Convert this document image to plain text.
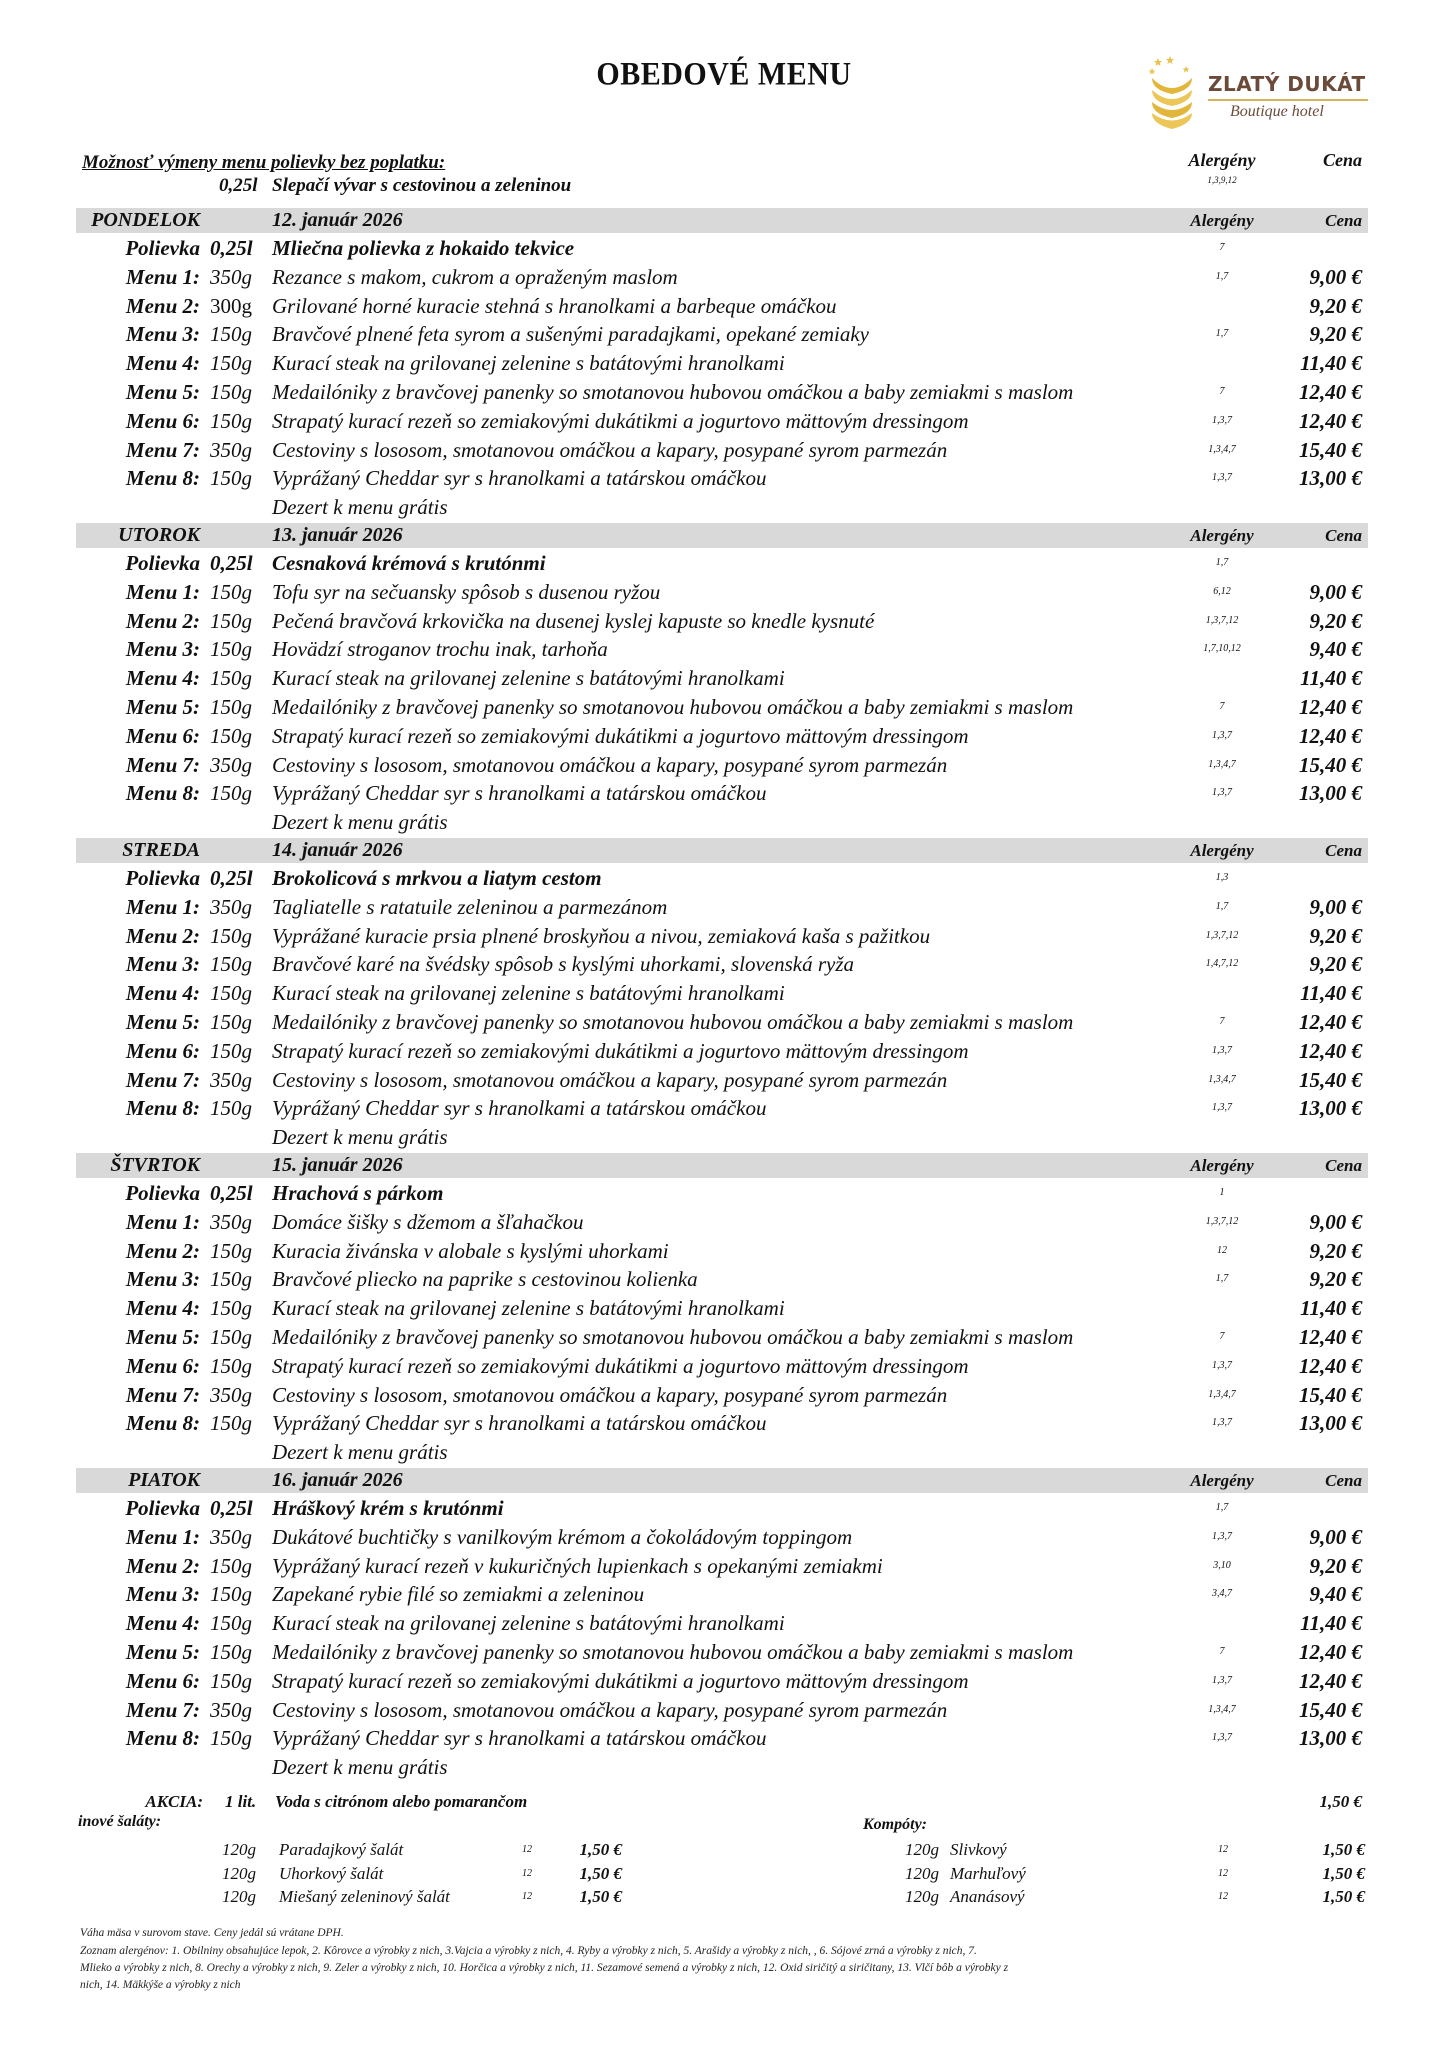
OBEDOVÉ MENU	ZLATÝ DUKÁT
Boutique hotel
Možnosť výmeny menu polievky bez poplatku:	Alergény	Cena
0,25l Slepačí vývar s cestovinou a zeleninou	1,3,9,12
PONDELOK	12. január 2026	Alergény	Cena
Polievka 0,25l Mliečna polievka z hokaido tekvice	7
Menu 1: 350g Rezance s makom, cukrom a opraženým maslom	1,7	9,00 €
Menu 2: 300g Grilované horné kuracie stehná s hranolkami a barbeque omáčkou	9,20 €
Menu 3: 150g Bravčové plnené feta syrom a sušenými paradajkami, opekané zemiaky	1,7	9,20 €
Menu 4: 150g Kurací steak na grilovanej zelenine s batátovými hranolkami	11,40 €
Menu 5: 150g Medailóniky z bravčovej panenky so smotanovou hubovou omáčkou a baby zemiakmi s maslom	7	12,40 €
Menu 6: 150g Strapatý kurací rezeň so zemiakovými dukátikmi a jogurtovo mättovým dressingom	1,3,7	12,40 €
Menu 7: 350g Cestoviny s lososom, smotanovou omáčkou a kapary, posypané syrom parmezán	1,3,4,7	15,40 €
Menu 8: 150g Vyprážaný Cheddar syr s hranolkami a tatárskou omáčkou	1,3,7	13,00 €
Dezert k menu grátis
UTOROK	13. január 2026	Alergény	Cena
Polievka 0,25l Cesnaková krémová s krutónmi	1,7
Menu 1: 150g Tofu syr na sečuansky spôsob s dusenou ryžou	6,12	9,00 €
Menu 2: 150g Pečená bravčová krkovička na dusenej kyslej kapuste so knedle kysnuté	1,3,7,12	9,20 €
Menu 3: 150g Hovädzí stroganov trochu inak, tarhoňa	1,7,10,12	9,40 €
Menu 4: 150g Kurací steak na grilovanej zelenine s batátovými hranolkami	11,40 €
Menu 5: 150g Medailóniky z bravčovej panenky so smotanovou hubovou omáčkou a baby zemiakmi s maslom	7	12,40 €
Menu 6: 150g Strapatý kurací rezeň so zemiakovými dukátikmi a jogurtovo mättovým dressingom	1,3,7	12,40 €
Menu 7: 350g Cestoviny s lososom, smotanovou omáčkou a kapary, posypané syrom parmezán	1,3,4,7	15,40 €
Menu 8: 150g Vyprážaný Cheddar syr s hranolkami a tatárskou omáčkou	1,3,7	13,00 €
Dezert k menu grátis
STREDA	14. január 2026	Alergény	Cena
Polievka 0,25l Brokolicová s mrkvou a liatym cestom	1,3
Menu 1: 350g Tagliatelle s ratatuile zeleninou a parmezánom	1,7	9,00 €
Menu 2: 150g Vyprážané kuracie prsia plnené broskyňou a nivou, zemiaková kaša s pažitkou	1,3,7,12	9,20 €
Menu 3: 150g Bravčové karé na švédsky spôsob s kyslými uhorkami, slovenská ryža	1,4,7,12	9,20 €
Menu 4: 150g Kurací steak na grilovanej zelenine s batátovými hranolkami	11,40 €
Menu 5: 150g Medailóniky z bravčovej panenky so smotanovou hubovou omáčkou a baby zemiakmi s maslom	7	12,40 €
Menu 6: 150g Strapatý kurací rezeň so zemiakovými dukátikmi a jogurtovo mättovým dressingom	1,3,7	12,40 €
Menu 7: 350g Cestoviny s lososom, smotanovou omáčkou a kapary, posypané syrom parmezán	1,3,4,7	15,40 €
Menu 8: 150g Vyprážaný Cheddar syr s hranolkami a tatárskou omáčkou	1,3,7	13,00 €
Dezert k menu grátis
ŠTVRTOK	15. január 2026	Alergény	Cena
Polievka 0,25l Hrachová s párkom	1
Menu 1: 350g Domáce šišky s džemom a šľahačkou	1,3,7,12	9,00 €
Menu 2: 150g Kuracia živánska v alobale s kyslými uhorkami	12	9,20 €
Menu 3: 150g Bravčové pliecko na paprike s cestovinou kolienka	1,7	9,20 €
Menu 4: 150g Kurací steak na grilovanej zelenine s batátovými hranolkami	11,40 €
Menu 5: 150g Medailóniky z bravčovej panenky so smotanovou hubovou omáčkou a baby zemiakmi s maslom	7	12,40 €
Menu 6: 150g Strapatý kurací rezeň so zemiakovými dukátikmi a jogurtovo mättovým dressingom	1,3,7	12,40 €
Menu 7: 350g Cestoviny s lososom, smotanovou omáčkou a kapary, posypané syrom parmezán	1,3,4,7	15,40 €
Menu 8: 150g Vyprážaný Cheddar syr s hranolkami a tatárskou omáčkou	1,3,7	13,00 €
Dezert k menu grátis
PIATOK	16. január 2026	Alergény	Cena
Polievka 0,25l Hráškový krém s krutónmi	1,7
Menu 1: 350g Dukátové buchtičky s vanilkovým krémom a čokoládovým toppingom	1,3,7	9,00 €
Menu 2: 150g Vyprážaný kurací rezeň v kukuričných lupienkach s opekanými zemiakmi	3,10	9,20 €
Menu 3: 150g Zapekané rybie filé so zemiakmi a zeleninou	3,4,7	9,40 €
Menu 4: 150g Kurací steak na grilovanej zelenine s batátovými hranolkami	11,40 €
Menu 5: 150g Medailóniky z bravčovej panenky so smotanovou hubovou omáčkou a baby zemiakmi s maslom	7	12,40 €
Menu 6: 150g Strapatý kurací rezeň so zemiakovými dukátikmi a jogurtovo mättovým dressingom	1,3,7	12,40 €
Menu 7: 350g Cestoviny s lososom, smotanovou omáčkou a kapary, posypané syrom parmezán	1,3,4,7	15,40 €
Menu 8: 150g Vyprážaný Cheddar syr s hranolkami a tatárskou omáčkou	1,3,7	13,00 €
Dezert k menu grátis
AKCIA: 1 lit. Voda s citrónom alebo pomarančom	1,50 €
inové šaláty:	Kompóty:
120g Paradajkový šalát	12	1,50 €
120g Uhorkový šalát	12	1,50 €
120g Miešaný zeleninový šalát	12	1,50 €
120g Slivkový	12	1,50 €
120g Marhuľový	12	1,50 €
120g Ananásový	12	1,50 €
Váha mäsa v surovom stave. Ceny jedál sú vrátane DPH.
Zoznam alergénov: 1. Obilniny obsahujúce lepok, 2. Kôrovce a výrobky z nich, 3.Vajcia a výrobky z nich, 4. Ryby a výrobky z nich, 5. Arašidy a výrobky z nich, , 6. Sójové zrná a výrobky z nich, 7.
Mlieko a výrobky z nich, 8. Orechy a výrobky z nich, 9. Zeler a výrobky z nich, 10. Horčica a výrobky z nich, 11. Sezamové semená a výrobky z nich, 12. Oxid siričitý a siričitany, 13. Vlčí bôb a výrobky z
nich, 14. Mäkkýše a výrobky z nich
